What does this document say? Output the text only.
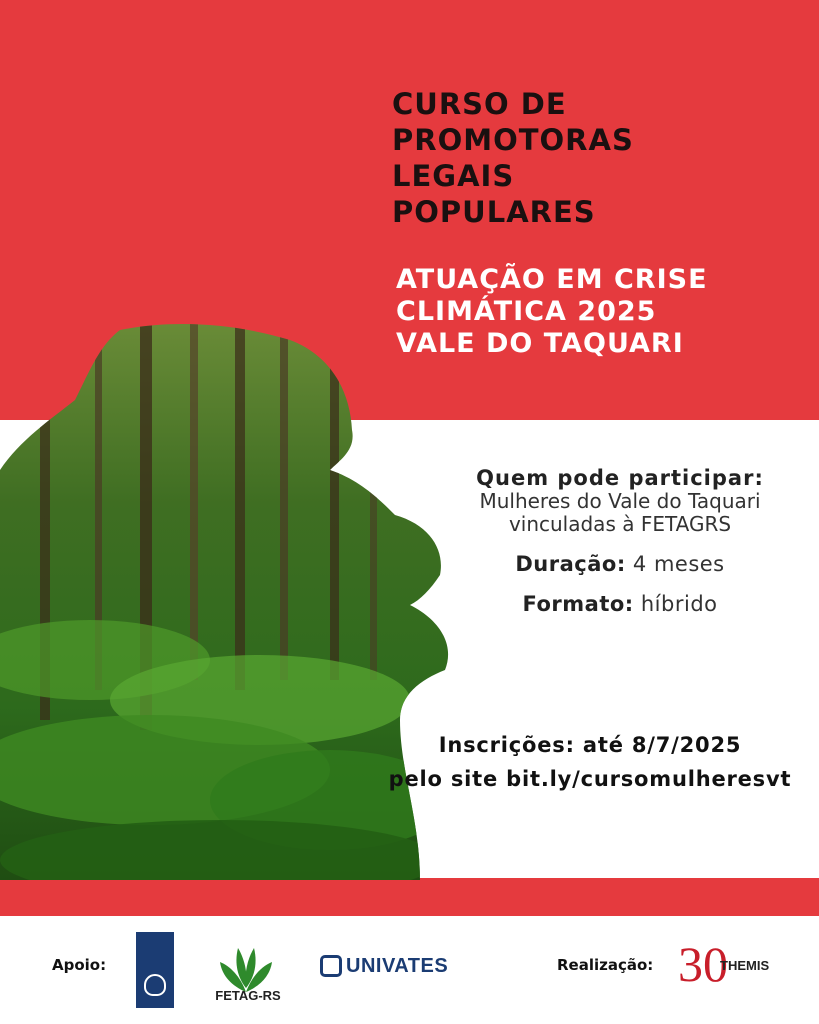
CURSO DE
PROMOTORAS
LEGAIS
POPULARES
ATUAÇÃO EM CRISE
CLIMÁTICA 2025
VALE DO TAQUARI
Quem pode participar:
Mulheres do Vale do Taquari vinculadas à FETAGRS
Duração: 4 meses
Formato: híbrido
Inscrições: até 8/7/2025
pelo site bit.ly/cursomulheresvt
Apoio:
FETAG-RS
UNIVATES	Realização: 30
THEMIS
